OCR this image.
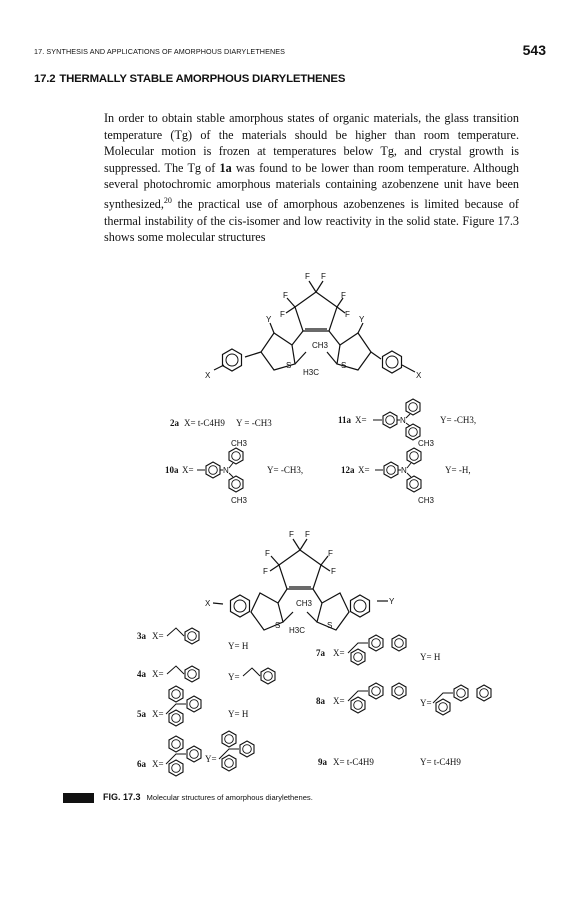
17. SYNTHESIS AND APPLICATIONS OF AMORPHOUS DIARYLETHENES	543
17.2 THERMALLY STABLE AMORPHOUS DIARYLETHENES
In order to obtain stable amorphous states of organic materials, the glass transition temperature (Tg) of the materials should be higher than room temperature. Molecular motion is frozen at temperatures below Tg, and crystal growth is suppressed. The Tg of 1a was found to be lower than room temperature. Although several photochromic amorphous materials containing azobenzene unit have been synthesized,$^{20}$ the practical use of amorphous azobenzenes is limited because of thermal instability of the cis-isomer and low reactivity in the solid state. Figure 17.3 shows some molecular structures
F F
F	F
F	F
Y	Y
S	S
CH3
H3C
X	X
2a X= t-C4H9 Y = -CH3	11a X=	N	Y= -CH3,
10a X=	N
CH3
CH3
Y= -CH3,	12a X=	N
CH3
CH3
Y= -H,
F F
F	F
F	F
S	S
CH3
H3C
X	Y
3a X=
Y= H
4a X=	Y=
5a X=	Y= H
6a X=	Y=
7a X=	Y= H
8a X=	Y=
9a X= t-C4H9	Y= t-C4H9
FIG. 17.3 Molecular structures of amorphous diarylethenes.
